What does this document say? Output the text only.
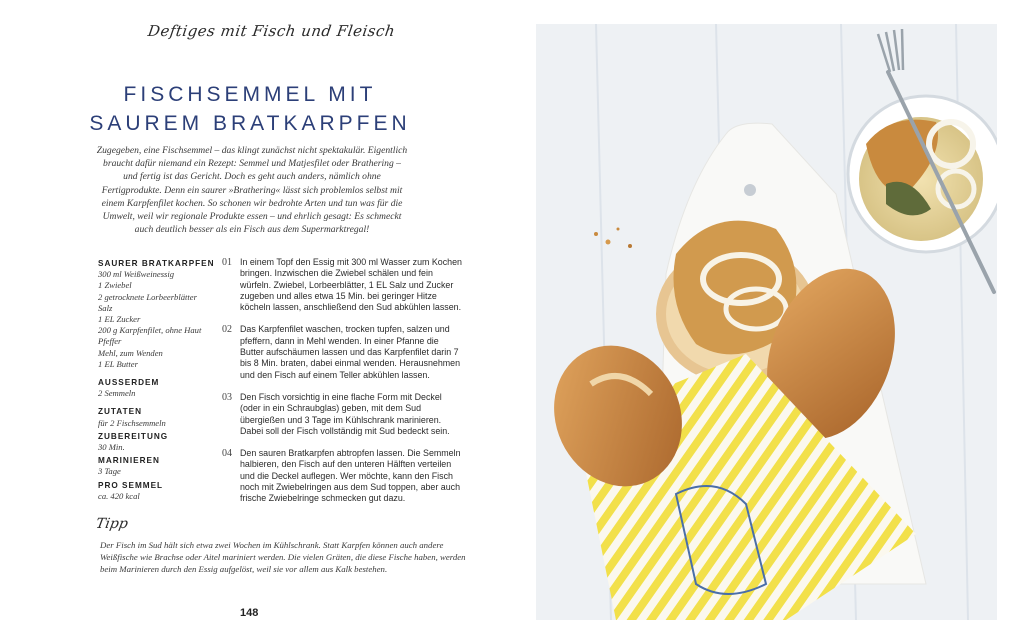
Deftiges mit Fisch und Fleisch
FISCHSEMMEL MIT SAUREM BRATKARPFEN
Zugegeben, eine Fischsemmel – das klingt zunächst nicht spektakulär. Eigentlich braucht dafür niemand ein Rezept: Semmel und Matjesfilet oder Brathering – und fertig ist das Gericht. Doch es geht auch anders, nämlich ohne Fertigprodukte. Denn ein saurer »Brathering« lässt sich problemlos selbst mit einem Karpfenfilet kochen. So schonen wir bedrohte Arten und tun was für die Umwelt, weil wir regionale Produkte essen – und ehrlich gesagt: Es schmeckt auch deutlich besser als ein Fisch aus dem Supermarktregal!
SAURER BRATKARPFEN
300 ml Weißweinessig
1 Zwiebel
2 getrocknete Lorbeerblätter
Salz
1 EL Zucker
200 g Karpfenfilet, ohne Haut
Pfeffer
Mehl, zum Wenden
1 EL Butter
AUSSERDEM
2 Semmeln
ZUTATEN
für 2 Fischsemmeln
ZUBEREITUNG
30 Min.
MARINIEREN
3 Tage
PRO SEMMEL
ca. 420 kcal
01 In einem Topf den Essig mit 300 ml Wasser zum Kochen bringen. Inzwischen die Zwiebel schälen und fein würfeln. Zwiebel, Lorbeerblätter, 1 EL Salz und Zucker zugeben und alles etwa 15 Min. bei geringer Hitze köcheln lassen, anschließend den Sud abkühlen lassen.
02 Das Karpfenfilet waschen, trocken tupfen, salzen und pfeffern, dann in Mehl wenden. In einer Pfanne die Butter aufschäumen lassen und das Karpfenfilet darin 7 bis 8 Min. braten, dabei einmal wenden. Herausnehmen und den Fisch auf einem Teller abkühlen lassen.
03 Den Fisch vorsichtig in eine flache Form mit Deckel (oder in ein Schraubglas) geben, mit dem Sud übergießen und 3 Tage im Kühlschrank marinieren. Dabei soll der Fisch vollständig mit Sud bedeckt sein.
04 Den sauren Bratkarpfen abtropfen lassen. Die Semmeln halbieren, den Fisch auf den unteren Hälften verteilen und die Deckel auflegen. Wer möchte, kann den Fisch noch mit Zwiebelringen aus dem Sud toppen, aber auch frische Zwiebelringe schmecken gut dazu.
Tipp
Der Fisch im Sud hält sich etwa zwei Wochen im Kühlschrank. Statt Karpfen können auch andere Weißfische wie Brachse oder Aitel mariniert werden. Die vielen Gräten, die diese Fische haben, werden beim Marinieren durch den Essig aufgelöst, weil sie vor allem aus Kalk bestehen.
148
